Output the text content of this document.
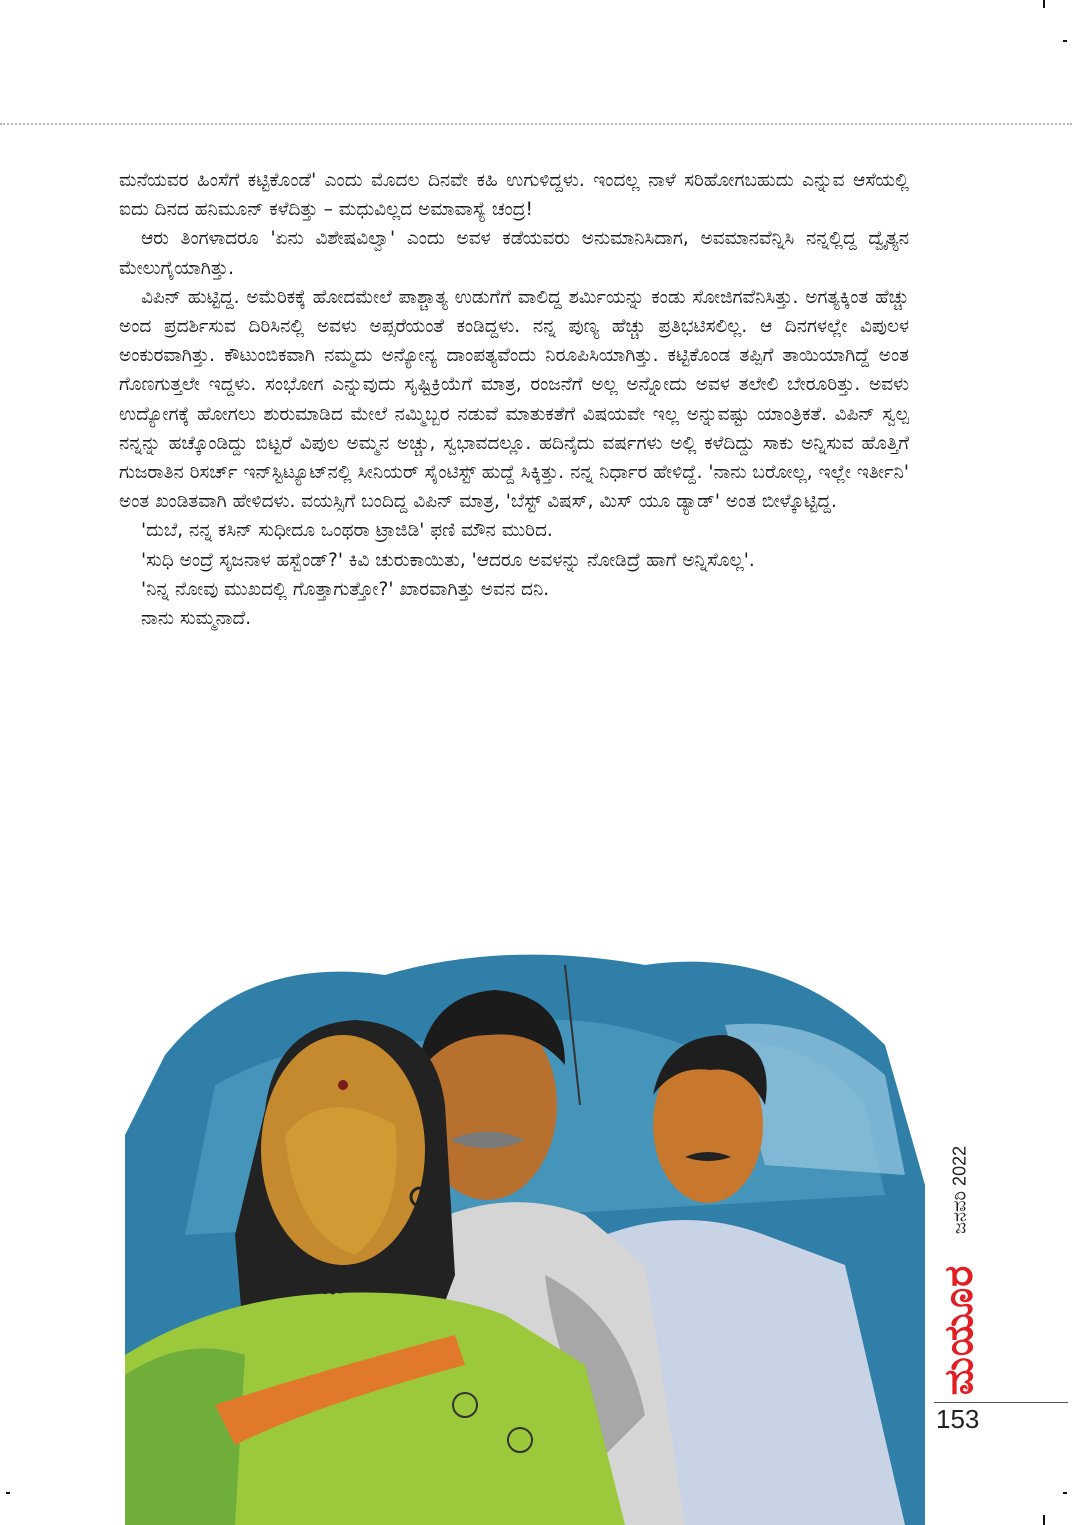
ಮನೆಯವರ ಹಿಂಸೆಗೆ ಕಟ್ಟಿಕೊಂಡೆ' ಎಂದು ಮೊದಲ ದಿನವೇ ಕಹಿ ಉಗುಳಿದ್ದಳು. ಇಂದಲ್ಲ ನಾಳೆ ಸರಿಹೋಗಬಹುದು ಎನ್ನುವ ಆಸೆಯಲ್ಲಿ ಐದು ದಿನದ ಹನಿಮೂನ್ ಕಳೆದಿತ್ತು – ಮಧುವಿಲ್ಲದ ಅಮಾವಾಸ್ಯೆ ಚಂದ್ರ!

ಆರು ತಿಂಗಳಾದರೂ 'ಏನು ವಿಶೇಷವಿಲ್ವಾ' ಎಂದು ಅವಳ ಕಡೆಯವರು ಅನುಮಾನಿಸಿದಾಗ, ಅವಮಾನವೆನ್ನಿಸಿ ನನ್ನಲ್ಲಿದ್ದ ದ್ವೈತ್ಯನ ಮೇಲುಗೈಯಾಗಿತ್ತು.

ವಿಪಿನ್ ಹುಟ್ಟಿದ್ದ. ಅಮೆರಿಕಕ್ಕೆ ಹೋದಮೇಲೆ ಪಾಶ್ಚಾತ್ಯ ಉಡುಗೆಗೆ ವಾಲಿದ್ದ ಶರ್ಮಿಯನ್ನು ಕಂಡು ಸೋಜಿಗವೆನಿಸಿತ್ತು. ಅಗತ್ಯಕ್ಕಿಂತ ಹೆಚ್ಚು ಅಂದ ಪ್ರದರ್ಶಿಸುವ ದಿರಿಸಿನಲ್ಲಿ ಅವಳು ಅಪ್ಸರೆಯಂತೆ ಕಂಡಿದ್ದಳು. ನನ್ನ ಪುಣ್ಯ ಹೆಚ್ಚು ಪ್ರತಿಭಟಿಸಲಿಲ್ಲ. ಆ ದಿನಗಳಲ್ಲೇ ವಿಪುಲಳ ಅಂಕುರವಾಗಿತ್ತು. ಕೌಟುಂಬಿಕವಾಗಿ ನಮ್ಮದು ಅನ್ಯೋನ್ಯ ದಾಂಪತ್ಯವೆಂದು ನಿರೂಪಿಸಿಯಾಗಿತ್ತು. ಕಟ್ಟಿಕೊಂಡ ತಪ್ಪಿಗೆ ತಾಯಿಯಾಗಿದ್ದೆ ಅಂತ ಗೊಣಗುತ್ತಲೇ ಇದ್ದಳು. ಸಂಭೋಗ ಎನ್ನುವುದು ಸೃಷ್ಟಿಕ್ರಿಯೆಗೆ ಮಾತ್ರ, ರಂಜನೆಗೆ ಅಲ್ಲ ಅನ್ನೋದು ಅವಳ ತಲೇಲಿ ಬೇರೂರಿತ್ತು. ಅವಳು ಉದ್ಯೋಗಕ್ಕೆ ಹೋಗಲು ಶುರುಮಾಡಿದ ಮೇಲೆ ನಮ್ಮಿಬ್ಬರ ನಡುವೆ ಮಾತುಕತೆಗೆ ವಿಷಯವೇ ಇಲ್ಲ ಅನ್ನುವಷ್ಟು ಯಾಂತ್ರಿಕತೆ. ವಿಪಿನ್ ಸ್ವಲ್ಪ ನನ್ನನ್ನು ಹಚ್ಕೊಂಡಿದ್ದು ಬಿಟ್ಟರೆ ವಿಪುಲ ಅಮ್ಮನ ಅಚ್ಚು, ಸ್ವಭಾವದಲ್ಲೂ. ಹದಿನೈದು ವರ್ಷಗಳು ಅಲ್ಲಿ ಕಳೆದಿದ್ದು ಸಾಕು ಅನ್ನಿಸುವ ಹೊತ್ತಿಗೆ ಗುಜರಾತಿನ ರಿಸರ್ಚ್ ಇನ್‌ಸ್ಟಿಟ್ಯೂಟ್‌ನಲ್ಲಿ ಸೀನಿಯರ್ ಸೈಂಟಿಸ್ಟ್ ಹುದ್ದೆ ಸಿಕ್ಕಿತ್ತು. ನನ್ನ ನಿರ್ಧಾರ ಹೇಳಿದ್ದೆ. 'ನಾನು ಬರೋಲ್ಲ, ಇಲ್ಲೇ ಇರ್ತೀನಿ' ಅಂತ ಖಂಡಿತವಾಗಿ ಹೇಳಿದಳು. ವಯಸ್ಸಿಗೆ ಬಂದಿದ್ದ ವಿಪಿನ್ ಮಾತ್ರ, 'ಬೆಸ್ಟ್ ವಿಷಸ್, ಮಿಸ್ ಯೂ ಡ್ಯಾಡ್' ಅಂತ ಬೀಳ್ಕೊಟ್ಟಿದ್ದ.

'ದುಬೆ, ನನ್ನ ಕಸಿನ್ ಸುಧೀದೂ ಒಂಥರಾ ಟ್ರಾಜಿಡಿ' ಫಣಿ ಮೌನ ಮುರಿದ.

'ಸುಧಿ ಅಂದ್ರೆ ಸೃಜನಾಳ ಹಸ್ಬೆಂಡ್?' ಕಿವಿ ಚುರುಕಾಯಿತು, 'ಆದರೂ ಅವಳನ್ನು ನೋಡಿದ್ರೆ ಹಾಗೆ ಅನ್ನಿಸೊಲ್ಲ'.

'ನಿನ್ನ ನೋವು ಮುಖದಲ್ಲಿ ಗೊತ್ತಾಗುತ್ತೋ?' ಖಾರವಾಗಿತ್ತು ಅವನ ದನಿ.

ನಾನು ಸುಮ್ಮನಾದೆ.

ಜನವರಿ 2022
ಮಯೂರ
153
